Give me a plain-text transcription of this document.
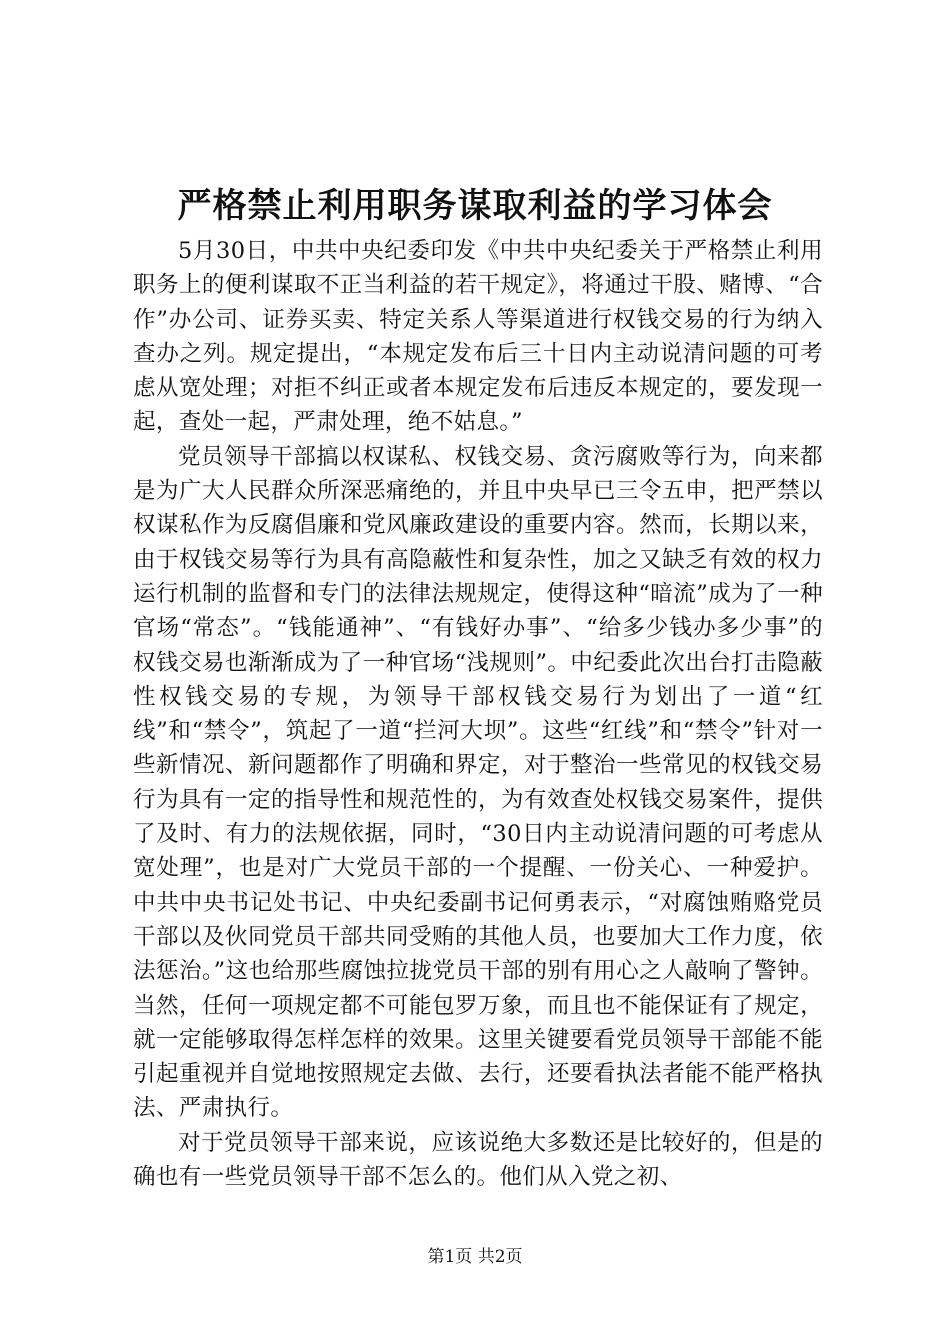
严格禁止利用职务谋取利益的学习体会

5月30日，中共中央纪委印发《中共中央纪委关于严格禁止利用职务上的便利谋取不正当利益的若干规定》，将通过干股、赌博、“合作”办公司、证券买卖、特定关系人等渠道进行权钱交易的行为纳入查办之列。规定提出，“本规定发布后三十日内主动说清问题的可考虑从宽处理；对拒不纠正或者本规定发布后违反本规定的，要发现一起，查处一起，严肃处理，绝不姑息。”

党员领导干部搞以权谋私、权钱交易、贪污腐败等行为，向来都是为广大人民群众所深恶痛绝的，并且中央早已三令五申，把严禁以权谋私作为反腐倡廉和党风廉政建设的重要内容。然而，长期以来，由于权钱交易等行为具有高隐蔽性和复杂性，加之又缺乏有效的权力运行机制的监督和专门的法律法规规定，使得这种“暗流”成为了一种官场“常态”。“钱能通神”、“有钱好办事”、“给多少钱办多少事”的权钱交易也渐渐成为了一种官场“浅规则”。中纪委此次出台打击隐蔽性权钱交易的专规，为领导干部权钱交易行为划出了一道“红线”和“禁令”，筑起了一道“拦河大坝”。这些“红线”和“禁令”针对一些新情况、新问题都作了明确和界定，对于整治一些常见的权钱交易行为具有一定的指导性和规范性的，为有效查处权钱交易案件，提供了及时、有力的法规依据，同时，“30日内主动说清问题的可考虑从宽处理”，也是对广大党员干部的一个提醒、一份关心、一种爱护。中共中央书记处书记、中央纪委副书记何勇表示，“对腐蚀贿赂党员干部以及伙同党员干部共同受贿的其他人员，也要加大工作力度，依法惩治。”这也给那些腐蚀拉拢党员干部的别有用心之人敲响了警钟。当然，任何一项规定都不可能包罗万象，而且也不能保证有了规定，就一定能够取得怎样怎样的效果。这里关键要看党员领导干部能不能引起重视并自觉地按照规定去做、去行，还要看执法者能不能严格执法、严肃执行。

对于党员领导干部来说，应该说绝大多数还是比较好的，但是的确也有一些党员领导干部不怎么的。他们从入党之初、

第1页 共2页
